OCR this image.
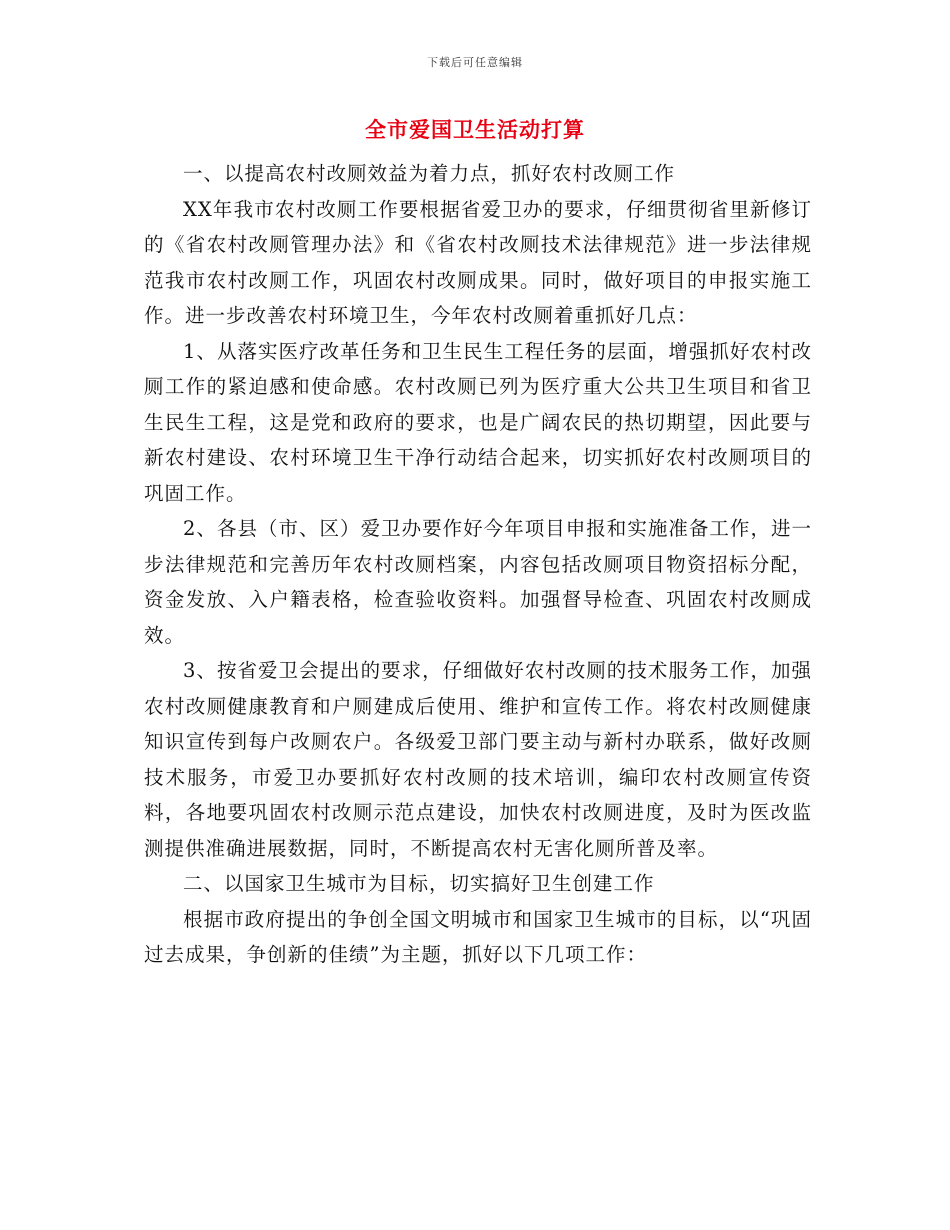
下载后可任意编辑
全市爱国卫生活动打算

一、以提高农村改厕效益为着力点，抓好农村改厕工作

XX年我市农村改厕工作要根据省爱卫办的要求，仔细贯彻省里新修订的《省农村改厕管理办法》和《省农村改厕技术法律规范》进一步法律规范我市农村改厕工作，巩固农村改厕成果。同时，做好项目的申报实施工作。进一步改善农村环境卫生，今年农村改厕着重抓好几点：

1、从落实医疗改革任务和卫生民生工程任务的层面，增强抓好农村改厕工作的紧迫感和使命感。农村改厕已列为医疗重大公共卫生项目和省卫生民生工程，这是党和政府的要求，也是广阔农民的热切期望，因此要与新农村建设、农村环境卫生干净行动结合起来，切实抓好农村改厕项目的巩固工作。

2、各县（市、区）爱卫办要作好今年项目申报和实施准备工作，进一步法律规范和完善历年农村改厕档案，内容包括改厕项目物资招标分配，资金发放、入户籍表格，检查验收资料。加强督导检查、巩固农村改厕成效。

3、按省爱卫会提出的要求，仔细做好农村改厕的技术服务工作，加强农村改厕健康教育和户厕建成后使用、维护和宣传工作。将农村改厕健康知识宣传到每户改厕农户。各级爱卫部门要主动与新村办联系，做好改厕技术服务，市爱卫办要抓好农村改厕的技术培训，编印农村改厕宣传资料，各地要巩固农村改厕示范点建设，加快农村改厕进度，及时为医改监测提供准确进展数据，同时，不断提高农村无害化厕所普及率。

二、以国家卫生城市为目标，切实搞好卫生创建工作

根据市政府提出的争创全国文明城市和国家卫生城市的目标，以“巩固过去成果，争创新的佳绩”为主题，抓好以下几项工作：
